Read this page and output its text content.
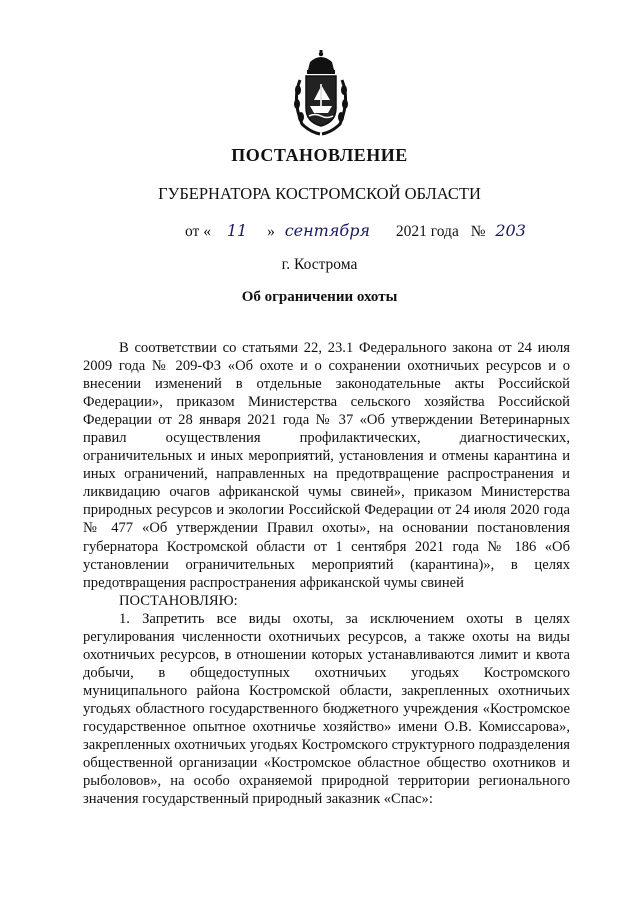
ПОСТАНОВЛЕНИЕ
ГУБЕРНАТОРА КОСТРОМСКОЙ ОБЛАСТИ
от « 11 » сентября 2021 года № 203
г. Кострома
Об ограничении охоты

В соответствии со статьями 22, 23.1 Федерального закона от 24 июля 2009 года № 209-ФЗ «Об охоте и о сохранении охотничьих ресурсов и о внесении изменений в отдельные законодательные акты Российской Федерации», приказом Министерства сельского хозяйства Российской Федерации от 28 января 2021 года № 37 «Об утверждении Ветеринарных правил осуществления профилактических, диагностических, ограничительных и иных мероприятий, установления и отмены карантина и иных ограничений, направленных на предотвращение распространения и ликвидацию очагов африканской чумы свиней», приказом Министерства природных ресурсов и экологии Российской Федерации от 24 июля 2020 года № 477 «Об утверждении Правил охоты», на основании постановления губернатора Костромской области от 1 сентября 2021 года № 186 «Об установлении ограничительных мероприятий (карантина)», в целях предотвращения распространения африканской чумы свиней

ПОСТАНОВЛЯЮ:

1. Запретить все виды охоты, за исключением охоты в целях регулирования численности охотничьих ресурсов, а также охоты на виды охотничьих ресурсов, в отношении которых устанавливаются лимит и квота добычи, в общедоступных охотничьих угодьях Костромского муниципального района Костромской области, закрепленных охотничьих угодьях областного государственного бюджетного учреждения «Костромское государственное опытное охотничье хозяйство» имени О.В. Комиссарова», закрепленных охотничьих угодьях Костромского структурного подразделения общественной организации «Костромское областное общество охотников и рыболовов», на особо охраняемой природной территории регионального значения государственный природный заказник «Спас»:
